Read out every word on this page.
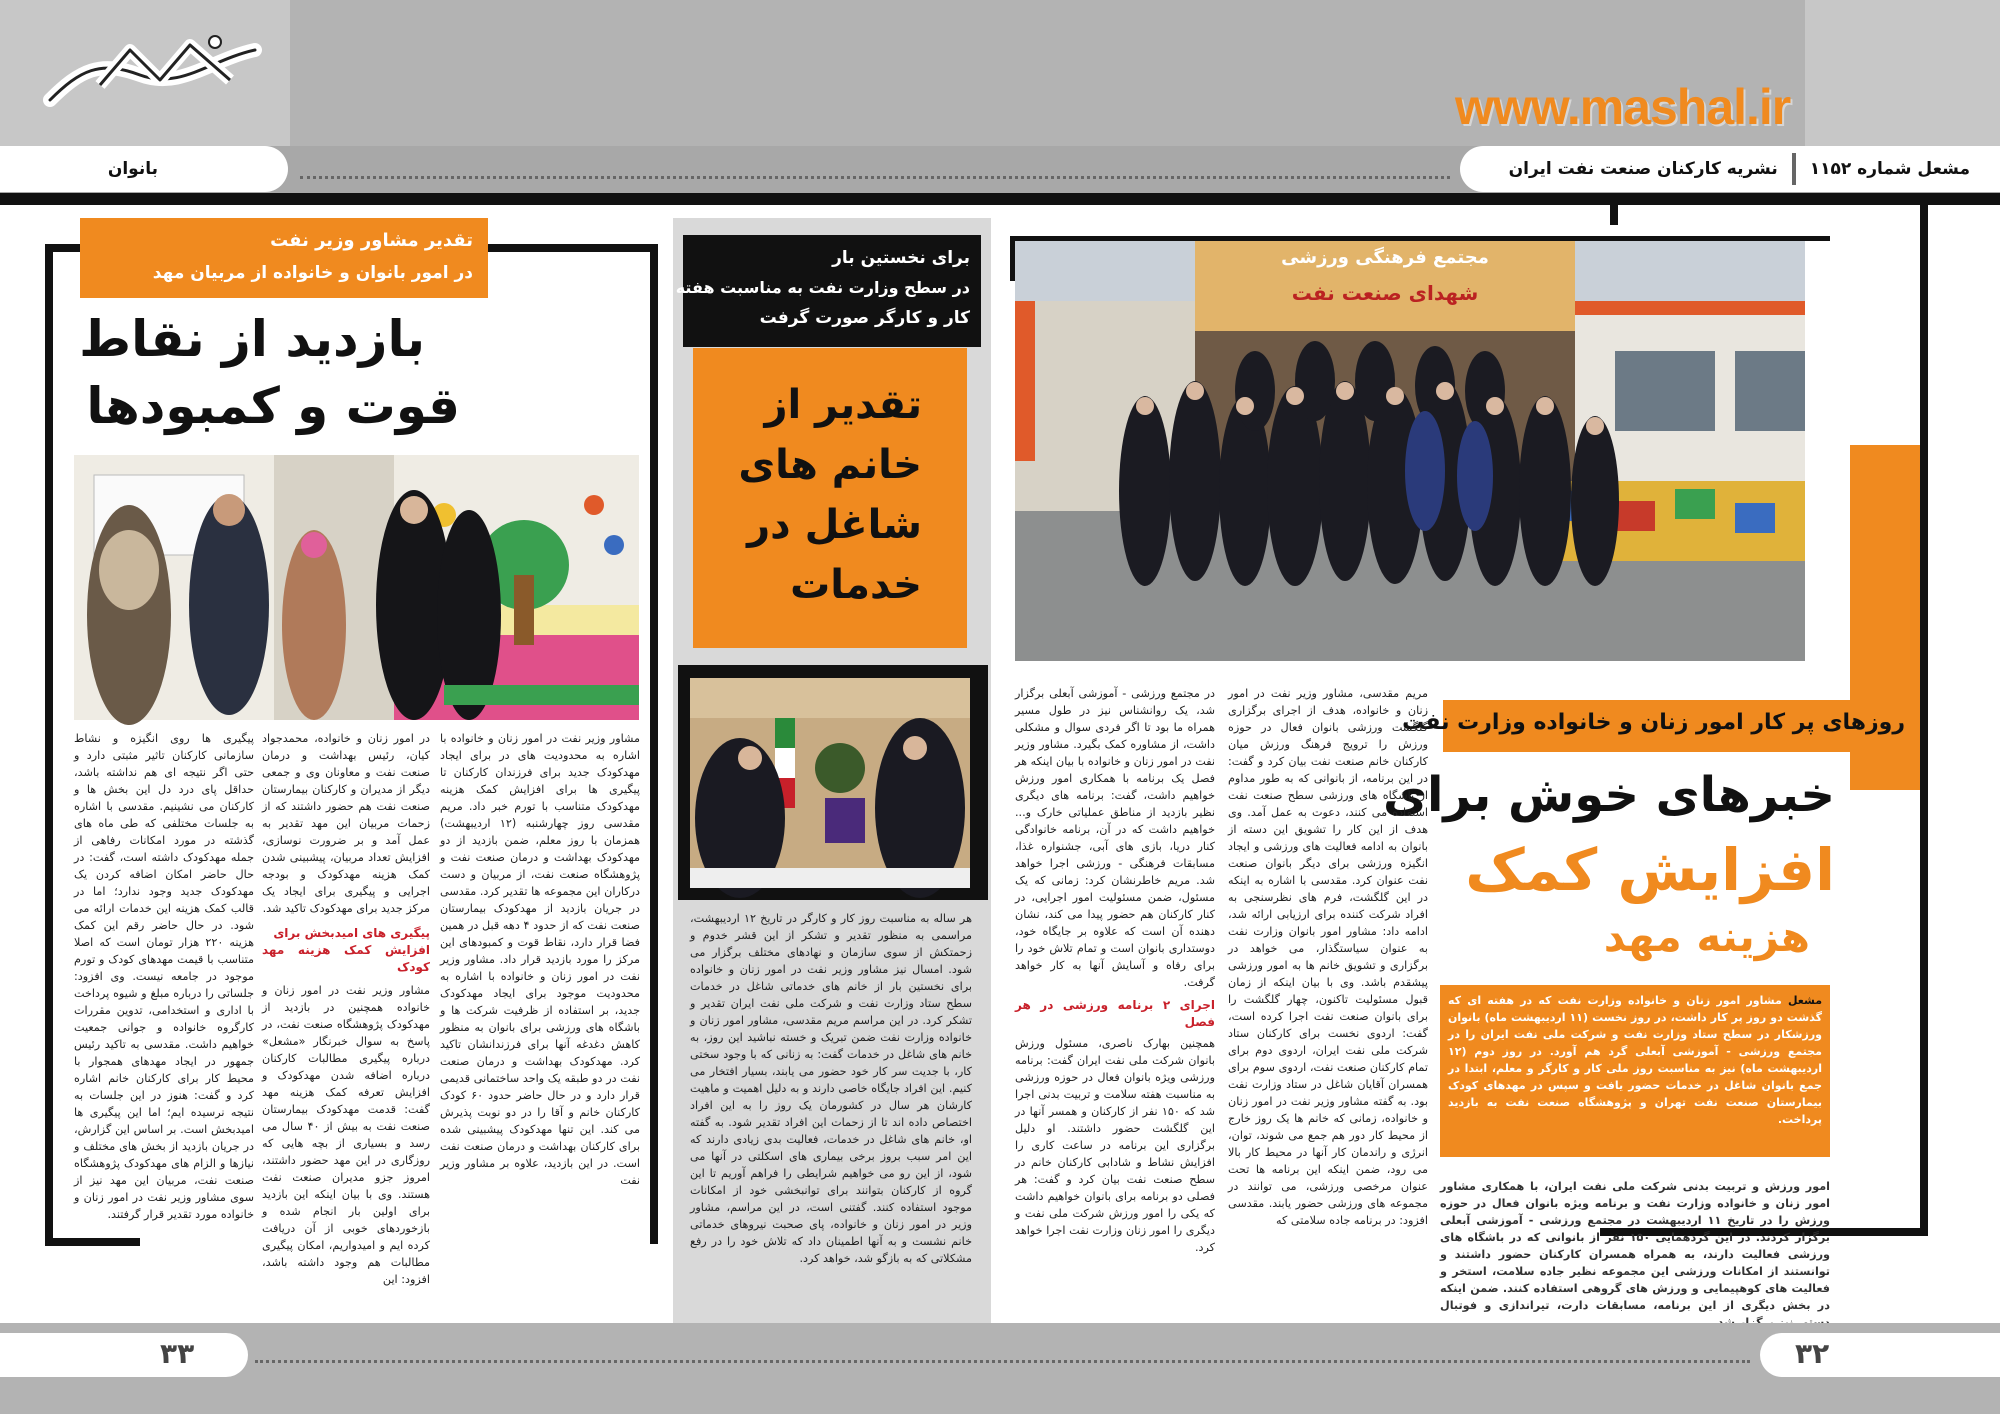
www.mashal.ir
نشریه کارکنان صنعت نفت ایران مشعل شماره ۱۱۵۲
بانوان
مجتمع فرهنگی ورزشی
شهدای صنعت نفت
روزهای پر کار امور زنان و خانواده وزارت نفت
خبرهای خوش برای
افزایش کمک
هزینه مهد
مشعل مشاور امور زنان و خانواده وزارت نفت که در هفته ای که گذشت دو روز پر کار داشت، در روز نخست (۱۱ اردیبهشت ماه) بانوان ورزشکار در سطح ستاد وزارت نفت و شرکت ملی نفت ایران را در مجتمع ورزشی - آموزشی آبعلی گرد هم آورد. در روز دوم (۱۲ اردیبهشت ماه) نیز به مناسبت روز ملی کار و کارگر و معلم، ابتدا در جمع بانوان شاغل در خدمات حضور یافت و سپس در مهدهای کودک بیمارستان صنعت نفت تهران و پژوهشگاه صنعت نفت به بازدید پرداخت.
امور ورزش و تربیت بدنی شرکت ملی نفت ایران، با همکاری مشاور امور زنان و خانواده وزارت نفت و برنامه ویژه بانوان فعال در حوزه ورزش را در تاریخ ۱۱ اردیبهشت در مجتمع ورزشی - آموزشی آبعلی برگزار کردند. در این گردهمایی ۱۵۰ نفر از بانوانی که در باشگاه های ورزشی فعالیت دارند، به همراه همسران کارکنان حضور داشتند و توانستند از امکانات ورزشی این مجموعه نظیر جاده سلامت، استخر و فعالیت های کوهپیمایی و ورزش های گروهی استفاده کنند. ضمن اینکه در بخش دیگری از این برنامه، مسابقات دارت، تیراندازی و فوتبال
مریم مقدسی، مشاور وزیر نفت در امور زنان و خانواده، هدف از اجرای برگزاری گلگشت ورزشی بانوان فعال در حوزه ورزش را ترویج فرهنگ ورزش میان کارکنان خانم صنعت نفت بیان کرد و گفت: در این برنامه، از بانوانی که به طور مداوم از باشگاه های ورزشی سطح صنعت نفت استفاده می کنند، دعوت به عمل آمد. وی هدف از این کار را تشویق این دسته از بانوان به ادامه فعالیت های ورزشی و ایجاد انگیزه ورزشی برای دیگر بانوان صنعت نفت عنوان کرد. مقدسی با اشاره به اینکه در این گلگشت، فرم های نظرسنجی به افراد شرکت کننده برای ارزیابی ارائه شد، ادامه داد: مشاور امور بانوان وزارت نفت به عنوان سیاستگذار، می خواهد در برگزاری و تشویق خانم ها به امور ورزشی پیشقدم باشد. وی با بیان اینکه از زمان قبول مسئولیت تاکنون، چهار گلگشت را برای بانوان صنعت نفت اجرا کرده است، گفت: اردوی نخست برای کارکنان ستاد شرکت ملی نفت ایران، اردوی دوم برای تمام کارکنان صنعت نفت، اردوی سوم برای همسران آقایان شاغل در ستاد وزارت نفت بود. به گفته مشاور وزیر نفت در امور زنان و خانواده، زمانی که خانم ها یک روز خارج از محیط کار دور هم جمع می شوند، توان، انرژی و راندمان کار آنها در محیط کار بالا می رود، ضمن اینکه این برنامه ها تحت عنوان مرخصی ورزشی، می توانند در مجموعه های ورزشی حضور یابند. مقدسی افزود: در برنامه جاده سلامتی که

در مجتمع ورزشی - آموزشی آبعلی برگزار شد، یک روانشناس نیز در طول مسیر همراه ما بود تا اگر فردی سوال و مشکلی داشت، از مشاوره کمک بگیرد. مشاور وزیر نفت در امور زنان و خانواده با بیان اینکه هر فصل یک برنامه با همکاری امور ورزش خواهیم داشت، گفت: برنامه های دیگری نظیر بازدید از مناطق عملیاتی خارک و... خواهیم داشت که در آن، برنامه خانوادگی کنار دریا، بازی های آبی، جشنواره غذا، مسابقات فرهنگی - ورزشی اجرا خواهد شد. مریم خاطرنشان کرد: زمانی که یک مسئول، ضمن مسئولیت امور اجرایی، در کنار کارکنان هم حضور پیدا می کند، نشان دهنده آن است که علاوه بر جایگاه خود، دوستداری بانوان است و تمام تلاش خود را برای رفاه و آسایش آنها به کار خواهد گرفت.

اجرای ۲ برنامه ورزشی در هر فصل

همچنین بهارک ناصری، مسئول ورزش بانوان شرکت ملی نفت ایران گفت: برنامه ورزشی ویژه بانوان فعال در حوزه ورزشی به مناسبت هفته سلامت و تربیت بدنی اجرا شد که ۱۵۰ نفر از کارکنان و همسر آنها در این گلگشت حضور داشتند. او دلیل برگزاری این برنامه در ساعت کاری را افزایش نشاط و شادابی کارکنان خانم در سطح صنعت نفت بیان کرد و گفت: هر فصلی دو برنامه برای بانوان خواهیم داشت که یکی را امور ورزش شرکت ملی نفت و دیگری را امور زنان وزارت نفت اجرا خواهد کرد.

برای نخستین بار
در سطح وزارت نفت به مناسبت هفته
کار و کارگر صورت گرفت
تقدیر از
خانم های
شاغل در
خدمات
هر ساله به مناسبت روز کار و کارگر در تاریخ ۱۲ اردیبهشت، مراسمی به منظور تقدیر و تشکر از این قشر خدوم و زحمتکش از سوی سازمان و نهادهای مختلف برگزار می شود. امسال نیز مشاور وزیر نفت در امور زنان و خانواده برای نخستین بار از خانم های خدماتی شاغل در خدمات سطح ستاد وزارت نفت و شرکت ملی نفت ایران تقدیر و تشکر کرد. در این مراسم مریم مقدسی، مشاور امور زنان و خانواده وزارت نفت ضمن تبریک و خسته نباشید این روز، به خانم های شاغل در خدمات گفت: به زنانی که با وجود سختی کار، با جدیت سر کار خود حضور می یابند، بسیار افتخار می کنیم. این افراد جایگاه خاصی دارند و به دلیل اهمیت و ماهیت کارشان هر سال در کشورمان یک روز را به این افراد اختصاص داده اند تا از زحمات این افراد تقدیر شود. به گفته او، خانم های شاغل در خدمات، فعالیت بدی زیادی دارند که این امر سبب بروز برخی بیماری های اسکلتی در آنها می شود، از این رو می خواهیم شرایطی را فراهم آوریم تا این گروه از کارکنان بتوانند برای توانبخشی خود از امکانات موجود استفاده کنند. گفتنی است، در این مراسم، مشاور وزیر در امور زنان و خانواده، پای صحبت نیروهای خدماتی خانم نشست و به آنها اطمینان داد که تلاش خود را در رفع مشکلاتی که به بازگو شد، خواهد کرد.
تقدیر مشاور وزیر نفت
در امور بانوان و خانواده از مربیان مهد
بازدید از نقاط
قوت و کمبودها
مشاور وزیر نفت در امور زنان و خانواده با اشاره به محدودیت های در برای ایجاد مهدکودک جدید برای فرزندان کارکنان تا پیگیری ها برای افزایش کمک هزینه مهدکودک متناسب با تورم خبر داد. مریم مقدسی روز چهارشنبه (۱۲ اردیبهشت) همزمان با روز معلم، ضمن بازدید از دو مهدکودک بهداشت و درمان صنعت نفت و پژوهشگاه صنعت نفت، از مربیان و دست درکاران این مجموعه ها تقدیر کرد. مقدسی در جریان بازدید از مهدکودک بیمارستان صنعت نفت که از حدود ۴ دهه قبل در همین فضا قرار دارد، نقاط قوت و کمبودهای این مرکز را مورد بازدید قرار داد. مشاور وزیر نفت در امور زنان و خانواده با اشاره به محدودیت موجود برای ایجاد مهدکودک جدید، بر استفاده از ظرفیت شرکت ها و باشگاه های ورزشی برای بانوان به منظور کاهش دغدغه آنها برای فرزندانشان تاکید کرد. مهدکودک بهداشت و درمان صنعت نفت در دو طبقه یک واحد ساختمانی قدیمی قرار دارد و در حال حاضر حدود ۶۰ کودک کارکنان خانم و آقا را در دو نوبت پذیرش می کند. این تنها مهدکودک پیشبینی شده برای کارکنان بهداشت و درمان صنعت نفت است. در این بازدید، علاوه بر مشاور وزیر نفت

در امور زنان و خانواده، محمدجواد کیان، رئیس بهداشت و درمان صنعت نفت و معاونان وی و جمعی دیگر از مدیران و کارکنان بیمارستان صنعت نفت هم حضور داشتند که از زحمات مربیان این مهد تقدیر به عمل آمد و بر ضرورت نوسازی، افزایش تعداد مربیان، پیشبینی شدن کمک هزینه مهدکودک و بودجه اجرایی و پیگیری برای ایجاد یک مرکز جدید برای مهدکودک تاکید شد.

پیگیری های امیدبخش برای
افزایش کمک هزینه مهد کودک

مشاور وزیر نفت در امور زنان و خانواده همچنین در بازدید از مهدکودک پژوهشگاه صنعت نفت، در پاسخ به سوال خبرنگار «مشعل» درباره پیگیری مطالبات کارکنان درباره اضافه شدن مهدکودک و افزایش تعرفه کمک هزینه مهد گفت: قدمت مهدکودک بیمارستان صنعت نفت به بیش از ۴۰ سال می رسد و بسیاری از بچه هایی که روزگاری در این مهد حضور داشتند، امروز جزو مدیران صنعت نفت هستند. وی با بیان اینکه این بازدید برای اولین بار انجام شده و بازخوردهای خوبی از آن دریافت کرده ایم و امیدواریم، امکان پیگیری مطالبات هم وجود داشته باشد، افزود: این

پیگیری ها روی انگیزه و نشاط سازمانی کارکنان تاثیر مثبتی دارد و حتی اگر نتیجه ای هم نداشته باشد، حداقل پای درد دل این بخش ها و کارکنان می نشینیم. مقدسی با اشاره به جلسات مختلفی که طی ماه های گذشته در مورد امکانات رفاهی از جمله مهدکودک داشته است، گفت: در حال حاضر امکان اضافه کردن یک مهدکودک جدید وجود ندارد؛ اما در قالب کمک هزینه این خدمات ارائه می شود. در حال حاضر رقم این کمک هزینه ۲۲۰ هزار تومان است که اصلا متناسب با قیمت مهدهای کودک و تورم موجود در جامعه نیست. وی افزود: جلساتی را درباره مبلغ و شیوه پرداخت با اداری و استخدامی، تدوین مقررات کارگروه خانواده و جوانی جمعیت خواهیم داشت. مقدسی به تاکید رئیس جمهور در ایجاد مهدهای همجوار با محیط کار برای کارکنان خانم اشاره کرد و گفت: هنوز در این جلسات به نتیجه نرسیده ایم؛ اما این پیگیری ها امیدبخش است. بر اساس این گزارش، در جریان بازدید از بخش های مختلف و نیازها و الزام های مهدکودک پژوهشگاه صنعت نفت، مربیان این مهد نیز از سوی مشاور وزیر نفت در امور زنان و خانواده مورد تقدیر قرار گرفتند.
۳۳	۳۲
